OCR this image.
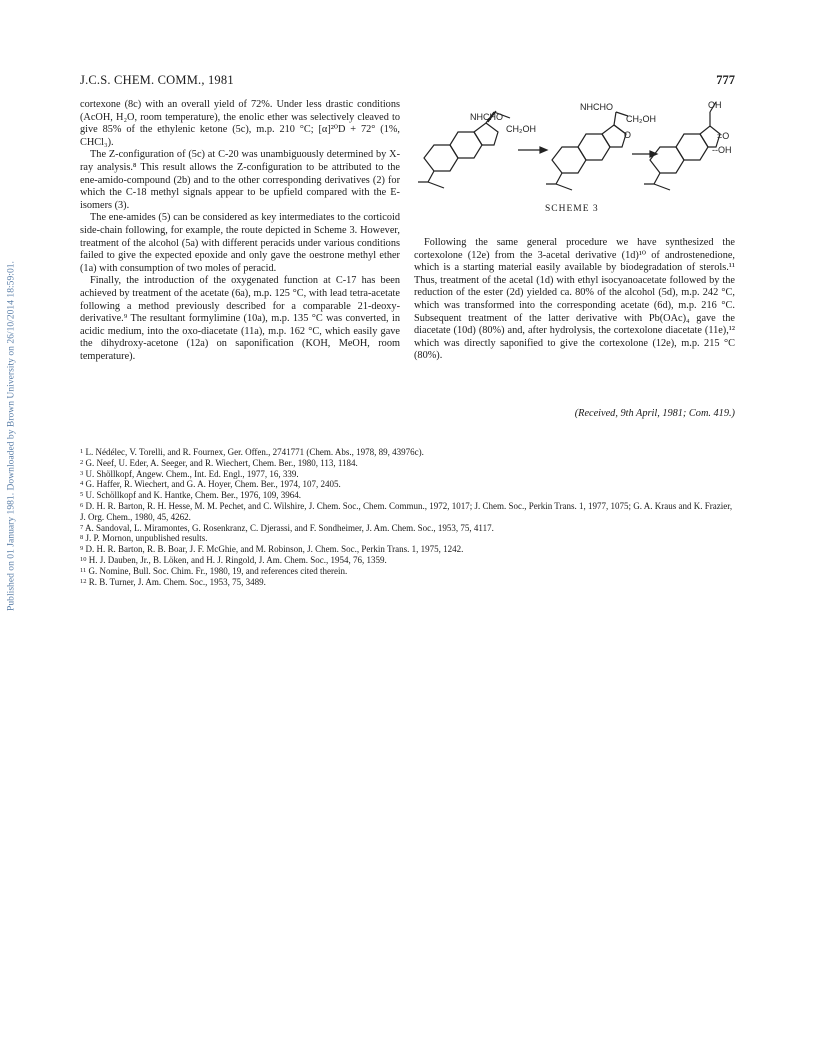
Published on 01 January 1981. Downloaded by Brown University on 26/10/2014 18:59:01.
J.C.S. CHEM. COMM., 1981	777

cortexone (8c) with an overall yield of 72%. Under less drastic conditions (AcOH, H₂O, room temperature), the enolic ether was selectively cleaved to give 85% of the ethylenic ketone (5c), m.p. 210 °C; [α]²⁰D + 72° (1%, CHCl₃).

The Z-configuration of (5c) at C-20 was unambiguously determined by X-ray analysis.⁸ This result allows the Z-configuration to be attributed to the ene-amido-compound (2b) and to the other corresponding derivatives (2) for which the C-18 methyl signals appear to be upfield compared with the E-isomers (3).

The ene-amides (5) can be considered as key intermediates to the corticoid side-chain following, for example, the route depicted in Scheme 3. However, treatment of the alcohol (5a) with different peracids under various conditions failed to give the expected epoxide and only gave the oestrone methyl ether (1a) with consumption of two moles of peracid.

Finally, the introduction of the oxygenated function at C-17 has been achieved by treatment of the acetate (6a), m.p. 125 °C, with lead tetra-acetate following a method previously described for a comparable 21-deoxy-derivative.⁹ The resultant formylimine (10a), m.p. 135 °C was converted, in acidic medium, into the oxo-diacetate (11a), m.p. 162 °C, which easily gave the dihydroxy-acetone (12a) on saponification (KOH, MeOH, room temperature).

NHCHO
CH₂OH
NHCHO
CH₂OH
O
OH
=O
--OH
SCHEME 3

Following the same general procedure we have synthesized the cortexolone (12e) from the 3-acetal derivative (1d)¹⁰ of androstenedione, which is a starting material easily available by biodegradation of sterols.¹¹ Thus, treatment of the acetal (1d) with ethyl isocyanoacetate followed by the reduction of the ester (2d) yielded ca. 80% of the alcohol (5d), m.p. 242 °C, which was transformed into the corresponding acetate (6d), m.p. 216 °C. Subsequent treatment of the latter derivative with Pb(OAc)₄ gave the diacetate (10d) (80%) and, after hydrolysis, the cortexolone diacetate (11e),¹² which was directly saponified to give the cortexolone (12e), m.p. 215 °C (80%).

(Received, 9th April, 1981; Com. 419.)
$^1$ L. Nédélec, V. Torelli, and R. Fournex, Ger. Offen., 2741771 (Chem. Abs., 1978, 89, 43976c).
$^2$ G. Neef, U. Eder, A. Seeger, and R. Wiechert, Chem. Ber., 1980, 113, 1184.
$^3$ U. Shöllkopf, Angew. Chem., Int. Ed. Engl., 1977, 16, 339.
$^4$ G. Haffer, R. Wiechert, and G. A. Hoyer, Chem. Ber., 1974, 107, 2405.
$^5$ U. Schöllkopf and K. Hantke, Chem. Ber., 1976, 109, 3964.
$^6$ D. H. R. Barton, R. H. Hesse, M. M. Pechet, and C. Wilshire, J. Chem. Soc., Chem. Commun., 1972, 1017; J. Chem. Soc., Perkin Trans. 1, 1977, 1075; G. A. Kraus and K. Frazier, J. Org. Chem., 1980, 45, 4262.
$^7$ A. Sandoval, L. Miramontes, G. Rosenkranz, C. Djerassi, and F. Sondheimer, J. Am. Chem. Soc., 1953, 75, 4117.
$^8$ J. P. Mornon, unpublished results.
$^9$ D. H. R. Barton, R. B. Boar, J. F. McGhie, and M. Robinson, J. Chem. Soc., Perkin Trans. 1, 1975, 1242.
$^{10}$ H. J. Dauben, Jr., B. Löken, and H. J. Ringold, J. Am. Chem. Soc., 1954, 76, 1359.
$^{11}$ G. Nomine, Bull. Soc. Chim. Fr., 1980, 19, and references cited therein.
$^{12}$ R. B. Turner, J. Am. Chem. Soc., 1953, 75, 3489.
